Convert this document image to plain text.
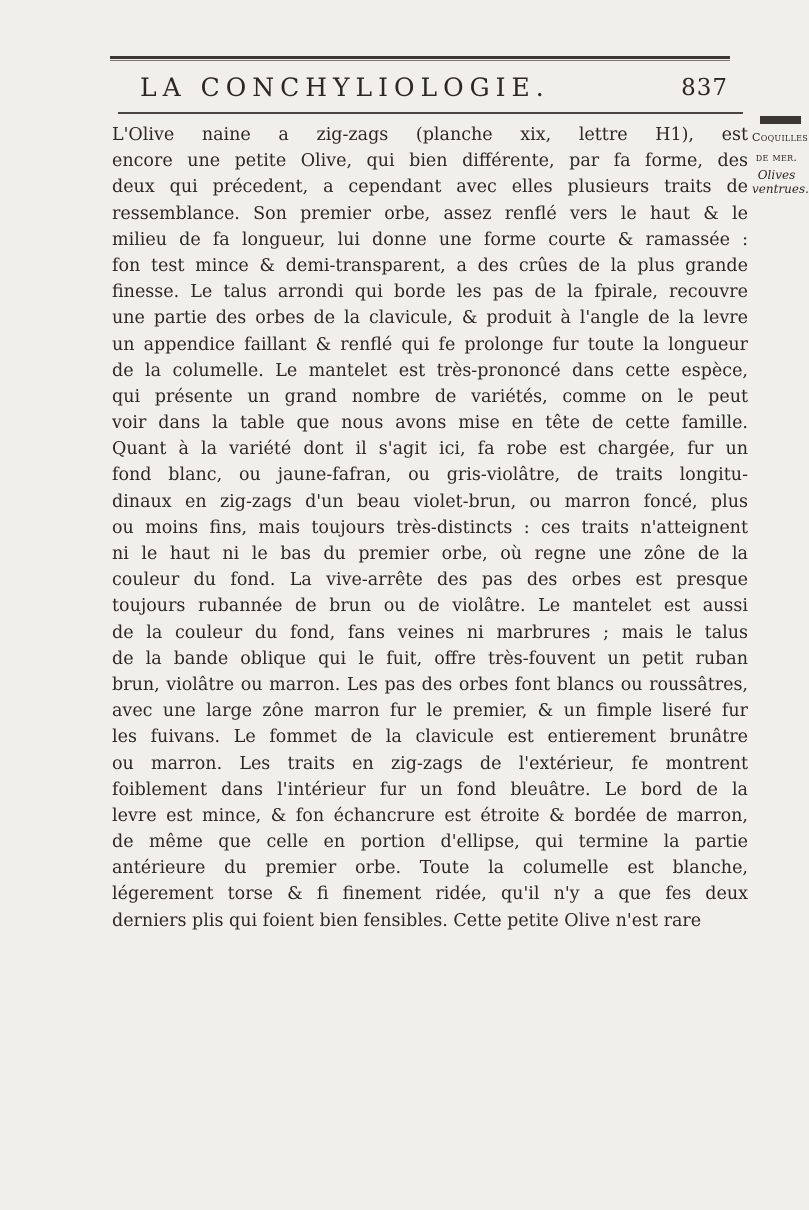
LA CONCHYLIOLOGIE.	837
Coquilles
de mer.
Olives
ventrues.
L'Olive naine a zig-zags (planche xix, lettre H1), est
encore une petite Olive, qui bien différente, par fa forme, des
deux qui précedent, a cependant avec elles plusieurs traits de
ressemblance. Son premier orbe, assez renflé vers le haut & le
milieu de fa longueur, lui donne une forme courte & ramassée :
fon test mince & demi-transparent, a des crûes de la plus grande
finesse. Le talus arrondi qui borde les pas de la fpirale, recouvre
une partie des orbes de la clavicule, & produit à l'angle de la levre
un appendice faillant & renflé qui fe prolonge fur toute la longueur
de la columelle. Le mantelet est très-prononcé dans cette espèce,
qui présente un grand nombre de variétés, comme on le peut
voir dans la table que nous avons mise en tête de cette famille.
Quant à la variété dont il s'agit ici, fa robe est chargée, fur un
fond blanc, ou jaune-fafran, ou gris-violâtre, de traits longitu-
dinaux en zig-zags d'un beau violet-brun, ou marron foncé, plus
ou moins fins, mais toujours très-distincts : ces traits n'atteignent
ni le haut ni le bas du premier orbe, où regne une zône de la
couleur du fond. La vive-arrête des pas des orbes est presque
toujours rubannée de brun ou de violâtre. Le mantelet est aussi
de la couleur du fond, fans veines ni marbrures ; mais le talus
de la bande oblique qui le fuit, offre très-fouvent un petit ruban
brun, violâtre ou marron. Les pas des orbes font blancs ou roussâtres,
avec une large zône marron fur le premier, & un fimple liseré fur
les fuivans. Le fommet de la clavicule est entierement brunâtre
ou marron. Les traits en zig-zags de l'extérieur, fe montrent
foiblement dans l'intérieur fur un fond bleuâtre. Le bord de la
levre est mince, & fon échancrure est étroite & bordée de marron,
de même que celle en portion d'ellipse, qui termine la partie
antérieure du premier orbe. Toute la columelle est blanche,
légerement torse & fi finement ridée, qu'il n'y a que fes deux
derniers plis qui foient bien fensibles. Cette petite Olive n'est rare
